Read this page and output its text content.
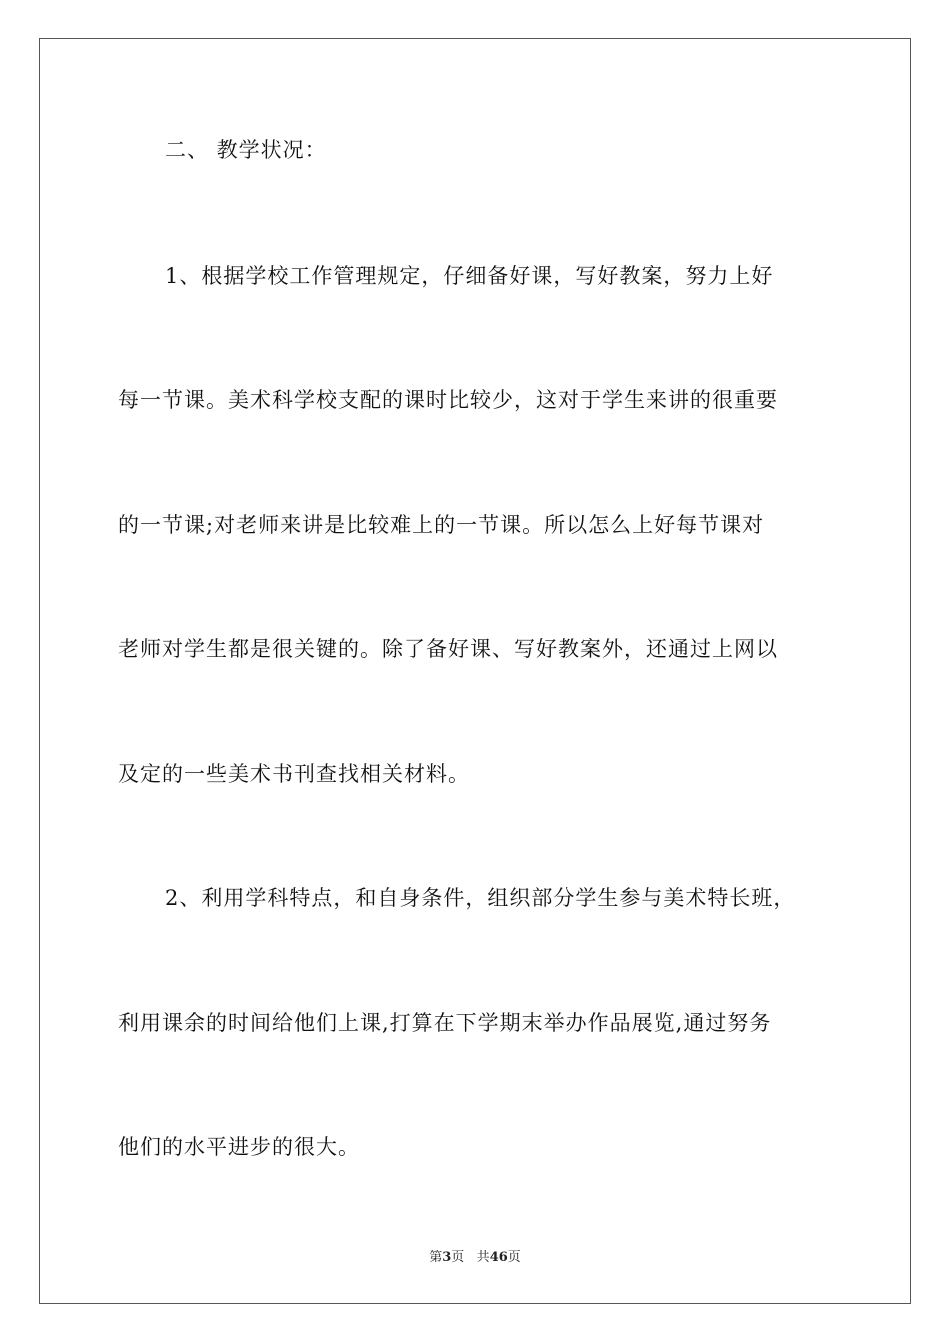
二、 教学状况：
1、根据学校工作管理规定，仔细备好课，写好教案，努力上好
每一节课。美术科学校支配的课时比较少，这对于学生来讲的很重要
的一节课;对老师来讲是比较难上的一节课。所以怎么上好每节课对
老师对学生都是很关键的。除了备好课、写好教案外，还通过上网以
及定的一些美术书刊查找相关材料。
2、利用学科特点，和自身条件，组织部分学生参与美术特长班，
利用课余的时间给他们上课,打算在下学期末举办作品展览,通过努务
他们的水平进步的很大。
第3页 共46页
